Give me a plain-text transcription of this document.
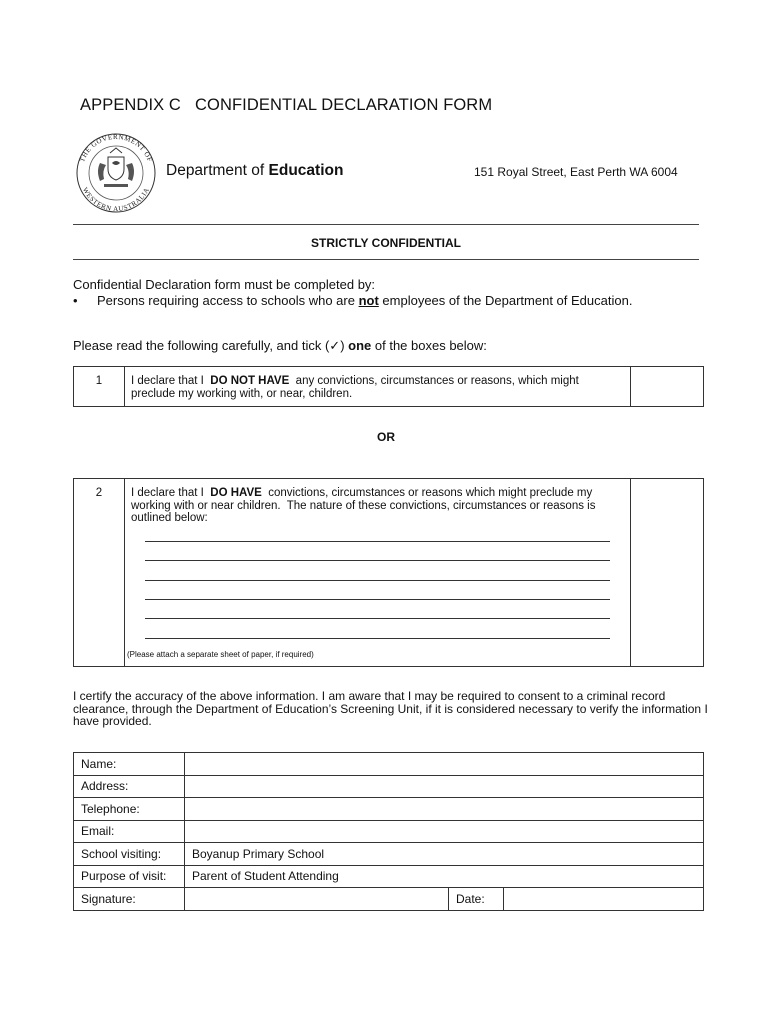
APPENDIX C   CONFIDENTIAL DECLARATION FORM
THE GOVERNMENT OF
WESTERN AUSTRALIA
Department of Education	151 Royal Street, East Perth WA 6004
STRICTLY CONFIDENTIAL
Confidential Declaration form must be completed by:
• Persons requiring access to schools who are not employees of the Department of Education.
Please read the following carefully, and tick (✓) one of the boxes below:
1	I declare that I  DO NOT HAVE  any convictions, circumstances or reasons, which might preclude my working with, or near, children.	
OR
2	I declare that I  DO HAVE  convictions, circumstances or reasons which might preclude my working with or near children.  The nature of these convictions, circumstances or reasons is outlined below:	
(Please attach a separate sheet of paper, if required)
I certify the accuracy of the above information. I am aware that I may be required to consent to a criminal record clearance, through the Department of Education’s Screening Unit, if it is considered necessary to verify the information I have provided.
Name:			
Address:			
Telephone:			
Email:			
School visiting:	Boyanup Primary School		
Purpose of visit:	Parent of Student Attending		
Signature:		Date:	
